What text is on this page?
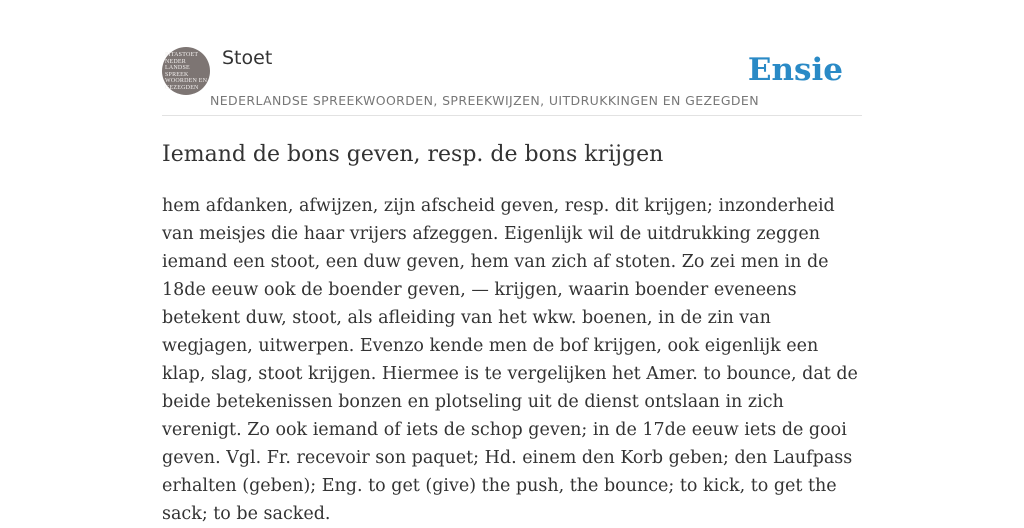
PITASTOET
NEDER
LANDSE
SPREEK
WOORDEN EN
GEZEGDEN
Stoet
NEDERLANDSE SPREEKWOORDEN, SPREEKWIJZEN, UITDRUKKINGEN EN GEZEGDEN
Ensie
Iemand de bons geven, resp. de bons krijgen

hem afdanken, afwijzen, zijn afscheid geven, resp. dit krijgen; inzonderheid van meisjes die haar vrijers afzeggen. Eigenlijk wil de uitdrukking zeggen iemand een stoot, een duw geven, hem van zich af stoten. Zo zei men in de 18de eeuw ook de boender geven, — krijgen, waarin boender eveneens betekent duw, stoot, als afleiding van het wkw. boenen, in de zin van wegjagen, uitwerpen. Evenzo kende men de bof krijgen, ook eigenlijk een klap, slag, stoot krijgen. Hiermee is te vergelijken het Amer. to bounce, dat de beide betekenissen bonzen en plotseling uit de dienst ontslaan in zich verenigt. Zo ook iemand of iets de schop geven; in de 17de eeuw iets de gooi geven. Vgl. Fr. recevoir son paquet; Hd. einem den Korb geben; den Laufpass erhalten (geben); Eng. to get (give) the push, the bounce; to kick, to get the sack; to be sacked.
